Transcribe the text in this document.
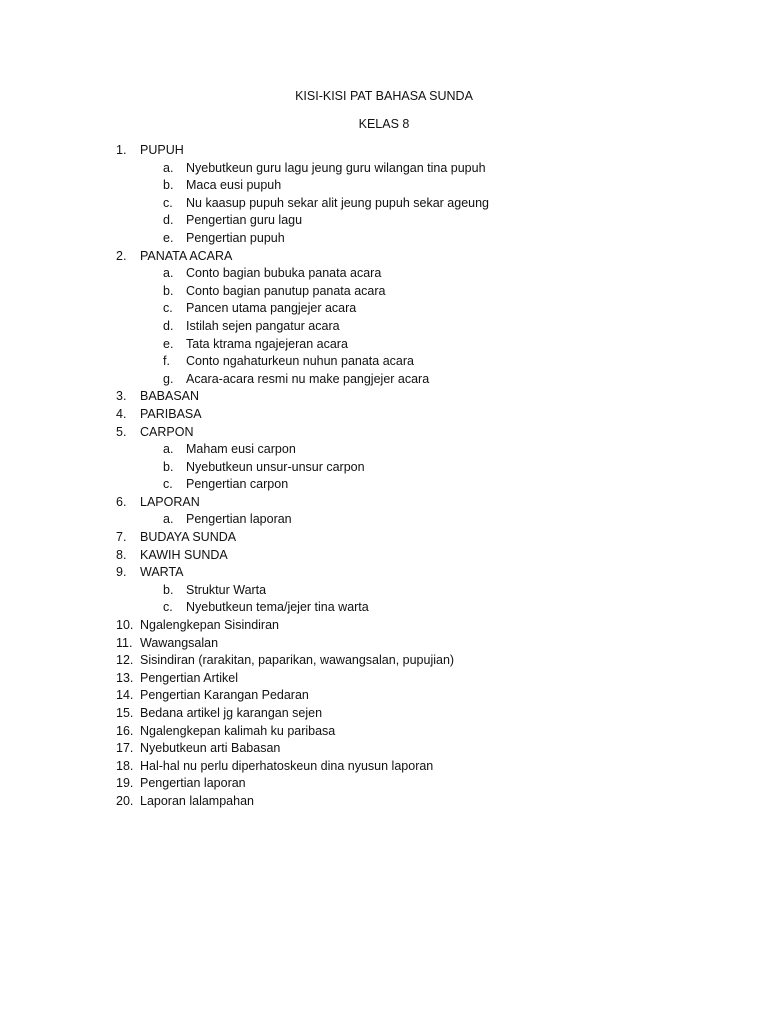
KISI-KISI PAT BAHASA SUNDA
KELAS 8
1.	PUPUH
a.	Nyebutkeun guru lagu jeung guru wilangan tina pupuh
b.	Maca eusi pupuh
c.	Nu kaasup pupuh sekar alit jeung pupuh sekar ageung
d.	Pengertian guru lagu
e.	Pengertian pupuh
2.	PANATA ACARA
a.	Conto bagian bubuka panata acara
b.	Conto bagian panutup panata acara
c.	Pancen utama pangjejer acara
d.	Istilah sejen pangatur acara
e.	Tata ktrama ngajejeran acara
f.	Conto ngahaturkeun nuhun panata acara
g.	Acara-acara resmi nu make pangjejer acara
3.	BABASAN
4.	PARIBASA
5.	CARPON
a.	Maham eusi carpon
b.	Nyebutkeun unsur-unsur carpon
c.	Pengertian carpon
6.	LAPORAN
a.	Pengertian laporan
7.	BUDAYA SUNDA
8.	KAWIH SUNDA
9.	WARTA
b.	Struktur Warta
c.	Nyebutkeun tema/jejer tina warta
10. Ngalengkepan Sisindiran
11. Wawangsalan
12. Sisindiran (rarakitan, paparikan, wawangsalan, pupujian)
13. Pengertian Artikel
14. Pengertian Karangan Pedaran
15. Bedana artikel jg karangan sejen
16. Ngalengkepan kalimah ku paribasa
17. Nyebutkeun arti Babasan
18. Hal-hal nu perlu diperhatoskeun dina nyusun laporan
19. Pengertian laporan
20. Laporan lalampahan
